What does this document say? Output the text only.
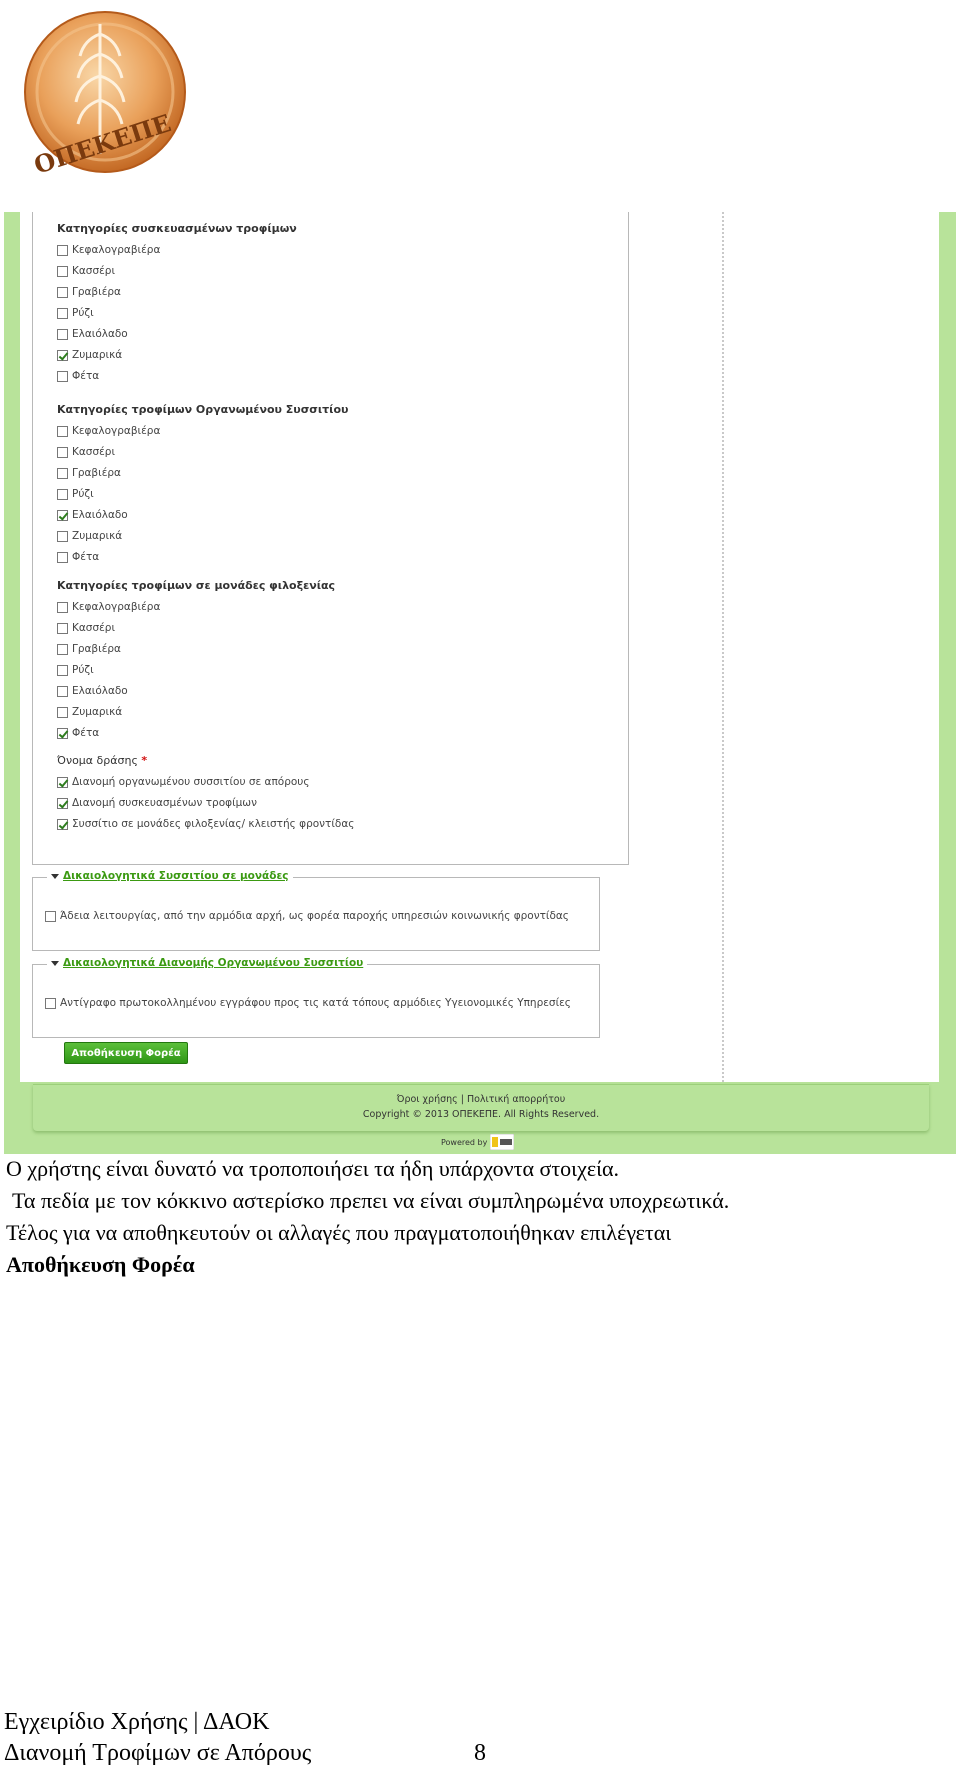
ΟΠΕΚΕΠΕ
Κατηγορίες συσκευασμένων τροφίμων
Κεφαλογραβιέρα
Κασσέρι
Γραβιέρα
Ρύζι
Ελαιόλαδο
Ζυμαρικά
Φέτα
Κατηγορίες τροφίμων Οργανωμένου Συσσιτίου
Κεφαλογραβιέρα
Κασσέρι
Γραβιέρα
Ρύζι
Ελαιόλαδο
Ζυμαρικά
Φέτα
Κατηγορίες τροφίμων σε μονάδες φιλοξενίας
Κεφαλογραβιέρα
Κασσέρι
Γραβιέρα
Ρύζι
Ελαιόλαδο
Ζυμαρικά
Φέτα
Όνομα δράσης *
Διανομή οργανωμένου συσσιτίου σε απόρους
Διανομή συσκευασμένων τροφίμων
Συσσίτιο σε μονάδες φιλοξενίας/ κλειστής φροντίδας
Δικαιολογητικά Συσσιτίου σε μονάδες
Άδεια λειτουργίας, από την αρμόδια αρχή, ως φορέα παροχής υπηρεσιών κοινωνικής φροντίδας
Δικαιολογητικά Διανομής Οργανωμένου Συσσιτίου
Αντίγραφο πρωτοκολλημένου εγγράφου προς τις κατά τόπους αρμόδιες Υγειονομικές Υπηρεσίες
Αποθήκευση Φορέα
Όροι χρήσης | Πολιτική απορρήτου
Copyright © 2013 ΟΠΕΚΕΠΕ. All Rights Reserved.
Powered by
Ο χρήστης είναι δυνατό να τροποποιήσει τα ήδη υπάρχοντα στοιχεία.
Τα πεδία με τον κόκκινο αστερίσκο πρεπει να είναι συμπληρωμένα υποχρεωτικά.
Τέλος για να αποθηκευτούν οι αλλαγές που πραγματοποιήθηκαν επιλέγεται
Αποθήκευση Φορέα
Εγχειρίδιο Χρήσης | ΔΑΟΚ
Διανομή Τροφίμων σε Απόρους	8
